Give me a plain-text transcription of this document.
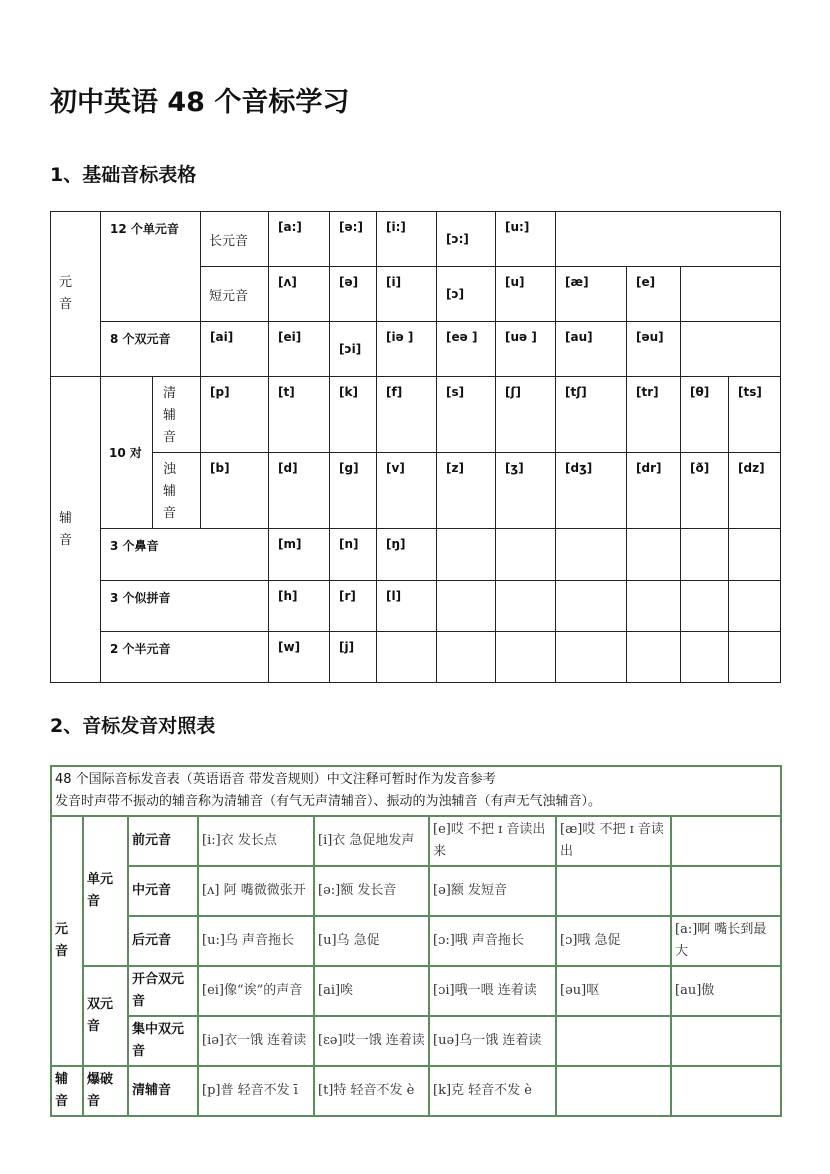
初中英语 48 个音标学习
1、基础音标表格
元音	12 个单元音		长元音	[a:]	[ə:]	[i:]	[ɔ:]	[u:]				
			短元音	[ʌ]	[ə]	[i]	[ɔ]	[u]	[æ]	[e]		
	8 个双元音		[ai]	[ei]	[ɔi]	[iə ]	[eə ]	[uə ]	[au]	[əu]		

辅音	10 对	清辅音	[p]	[t]	[k]	[f]	[s]	[ʃ]	[tʃ]	[tr]	[θ]	[ts]

		浊辅音	[b]	[d]	[g]	[v]	[z]	[ʒ]	[dʒ]	[dr]	[ð]	[dz]
	3 个鼻音			[m]	[n]	[ŋ]						
	3 个似拼音			[h]	[r]	[l]						
	2 个半元音			[w]	[j]							
2、音标发音对照表
48 个国际音标发音表（英语语音 带发音规则）中文注释可暂时作为发音参考
发音时声带不振动的辅音称为清辅音（有气无声清辅音）、振动的为浊辅音（有声无气浊辅音）。							

元音	单元音	前元音	[i:]衣 发长点	[i]衣 急促地发声	[e]哎 不把 ɪ 音读出来	[æ]哎 不把 ɪ 音读出	
		中元音	[ʌ] 阿 嘴微微张开	[ə:]额 发长音	[ə]额 发短音		
		后元音	[u:]乌 声音拖长	[u]乌 急促	[ɔ:]哦 声音拖长	[ɔ]哦 急促	[a:]啊 嘴长到最大
	双元音	开合双元音	[ei]像“诶”的声音	[ai]唉	[ɔi]哦一喂 连着读	[əu]呕	[au]傲
		集中双元音	[iə]衣一饿 连着读	[ɛə]哎一饿 连着读	[uə]乌一饿 连着读		
辅音	爆破音	清辅音	[p]普 轻音不发 ī	[t]特 轻音不发 è	[k]克 轻音不发 è		
